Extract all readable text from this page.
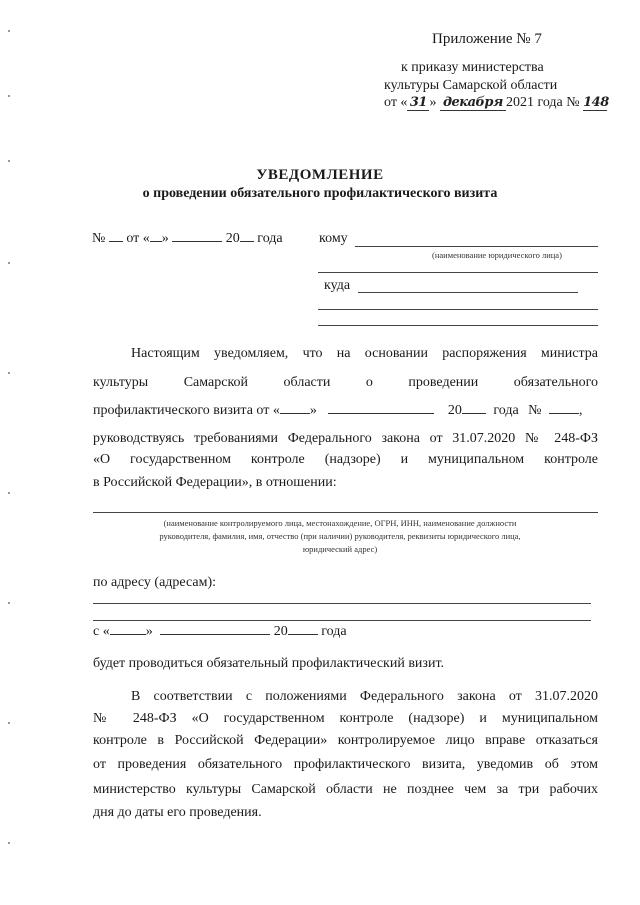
Приложение № 7
к приказу министерства
культуры Самарской области
от « 31 » декабря 2021 года № 148
УВЕДОМЛЕНИЕ
о проведении обязательного профилактического визита
№ от « »	20 года	кому
(наименование юридического лица)
куда
Настоящим уведомляем, что на основании распоряжения министра
культуры Самарской области о проведении обязательного
профилактического визита от « »	20 года №	,
руководствуясь требованиями Федерального закона от 31.07.2020 № 248-ФЗ
«О государственном контроле (надзоре) и муниципальном контроле
в Российской Федерации», в отношении:
(наименование контролируемого лица, местонахождение, ОГРН, ИНН, наименование должности
руководителя, фамилия, имя, отчество (при наличии) руководителя, реквизиты юридического лица,
юридический адрес)
по адресу (адресам):
с «	»	20 года
будет проводиться обязательный профилактический визит.
В соответствии с положениями Федерального закона от 31.07.2020
№ 248-ФЗ «О государственном контроле (надзоре) и муниципальном
контроле в Российской Федерации» контролируемое лицо вправе отказаться
от проведения обязательного профилактического визита, уведомив об этом
министерство культуры Самарской области не позднее чем за три рабочих
дня до даты его проведения.
